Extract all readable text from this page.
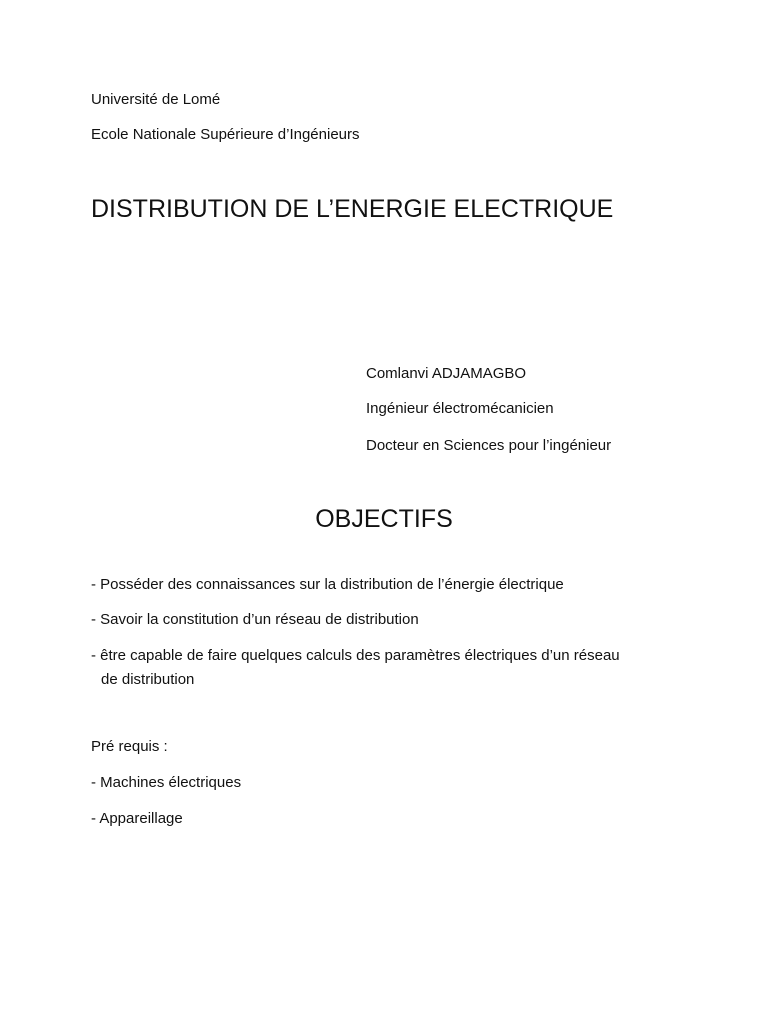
Université de Lomé
Ecole Nationale Supérieure d’Ingénieurs
DISTRIBUTION DE L’ENERGIE ELECTRIQUE
Comlanvi ADJAMAGBO
Ingénieur électromécanicien
Docteur en Sciences pour l’ingénieur
OBJECTIFS
- Posséder des connaissances sur la distribution de l’énergie électrique
- Savoir la constitution d’un réseau de distribution
- être capable de faire quelques calculs des paramètres électriques d’un réseau
de distribution
Pré requis :
- Machines électriques
- Appareillage
